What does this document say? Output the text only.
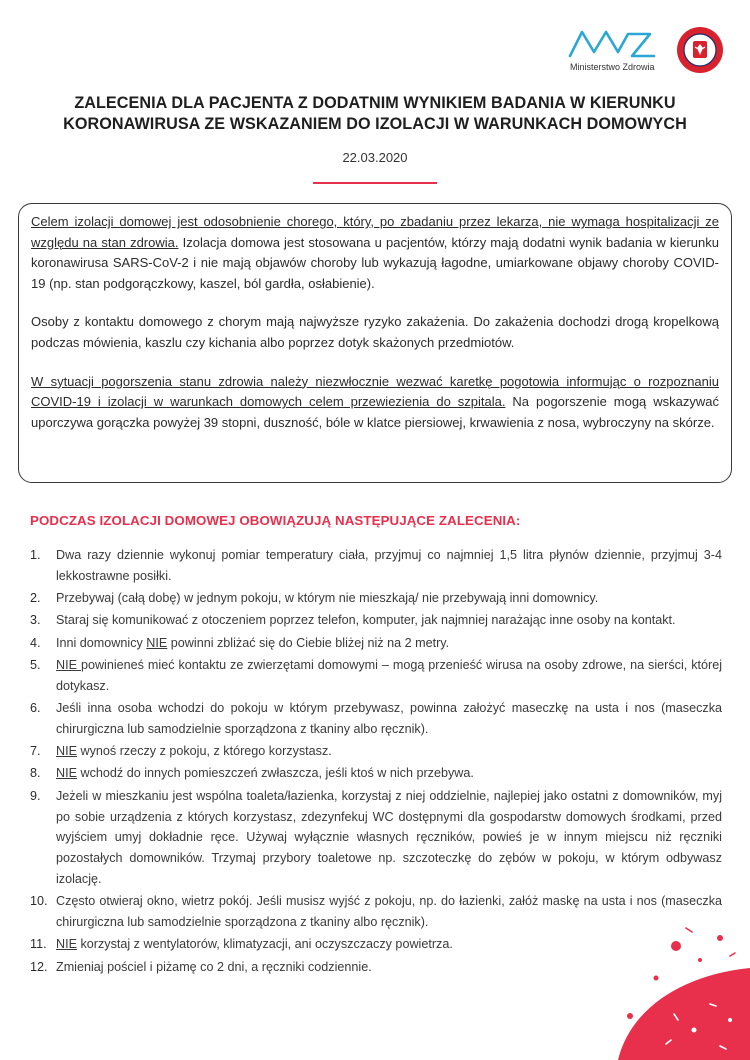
Ministerstwo Zdrowia
ZALECENIA DLA PACJENTA Z DODATNIM WYNIKIEM BADANIA W KIERUNKU
KORONAWIRUSA ZE WSKAZANIEM DO IZOLACJI W WARUNKACH DOMOWYCH
22.03.2020

Celem izolacji domowej jest odosobnienie chorego, który, po zbadaniu przez lekarza, nie wymaga hospitalizacji ze względu na stan zdrowia. Izolacja domowa jest stosowana u pacjentów, którzy mają dodatni wynik badania w kierunku koronawirusa SARS-CoV-2 i nie mają objawów choroby lub wykazują łagodne, umiarkowane objawy choroby COVID-19 (np. stan podgorączkowy, kaszel, ból gardła, osłabienie).

Osoby z kontaktu domowego z chorym mają najwyższe ryzyko zakażenia. Do zakażenia dochodzi drogą kropelkową podczas mówienia, kaszlu czy kichania albo poprzez dotyk skażonych przedmiotów.

W sytuacji pogorszenia stanu zdrowia należy niezwłocznie wezwać karetkę pogotowia informując o rozpoznaniu COVID-19 i izolacji w warunkach domowych celem przewiezienia do szpitala. Na pogorszenie mogą wskazywać uporczywa gorączka powyżej 39 stopni, duszność, bóle w klatce piersiowej, krwawienia z nosa, wybroczyny na skórze.

PODCZAS IZOLACJI DOMOWEJ OBOWIĄZUJĄ NASTĘPUJĄCE ZALECENIA:
1. Dwa razy dziennie wykonuj pomiar temperatury ciała, przyjmuj co najmniej 1,5 litra płynów dziennie, przyjmuj 3-4 lekkostrawne posiłki.
2. Przebywaj (całą dobę) w jednym pokoju, w którym nie mieszkają/ nie przebywają inni domownicy.
3. Staraj się komunikować z otoczeniem poprzez telefon, komputer, jak najmniej narażając inne osoby na kontakt.
4. Inni domownicy NIE powinni zbliżać się do Ciebie bliżej niż na 2 metry.
5. NIE powinieneś mieć kontaktu ze zwierzętami domowymi – mogą przenieść wirusa na osoby zdrowe, na sierści, której dotykasz.
6. Jeśli inna osoba wchodzi do pokoju w którym przebywasz, powinna założyć maseczkę na usta i nos (maseczka chirurgiczna lub samodzielnie sporządzona z tkaniny albo ręcznik).
7. NIE wynoś rzeczy z pokoju, z którego korzystasz.
8. NIE wchodź do innych pomieszczeń zwłaszcza, jeśli ktoś w nich przebywa.
9. Jeżeli w mieszkaniu jest wspólna toaleta/łazienka, korzystaj z niej oddzielnie, najlepiej jako ostatni z domowników, myj po sobie urządzenia z których korzystasz, zdezynfekuj WC dostępnymi dla gospodarstw domowych środkami, przed wyjściem umyj dokładnie ręce. Używaj wyłącznie własnych ręczników, powieś je w innym miejscu niż ręczniki pozostałych domowników. Trzymaj przybory toaletowe np. szczoteczkę do zębów w pokoju, w którym odbywasz izolację.
10. Często otwieraj okno, wietrz pokój. Jeśli musisz wyjść z pokoju, np. do łazienki, załóż maskę na usta i nos (maseczka chirurgiczna lub samodzielnie sporządzona z tkaniny albo ręcznik).
11. NIE korzystaj z wentylatorów, klimatyzacji, ani oczyszczaczy powietrza.
12. Zmieniaj pościel i piżamę co 2 dni, a ręczniki codziennie.
